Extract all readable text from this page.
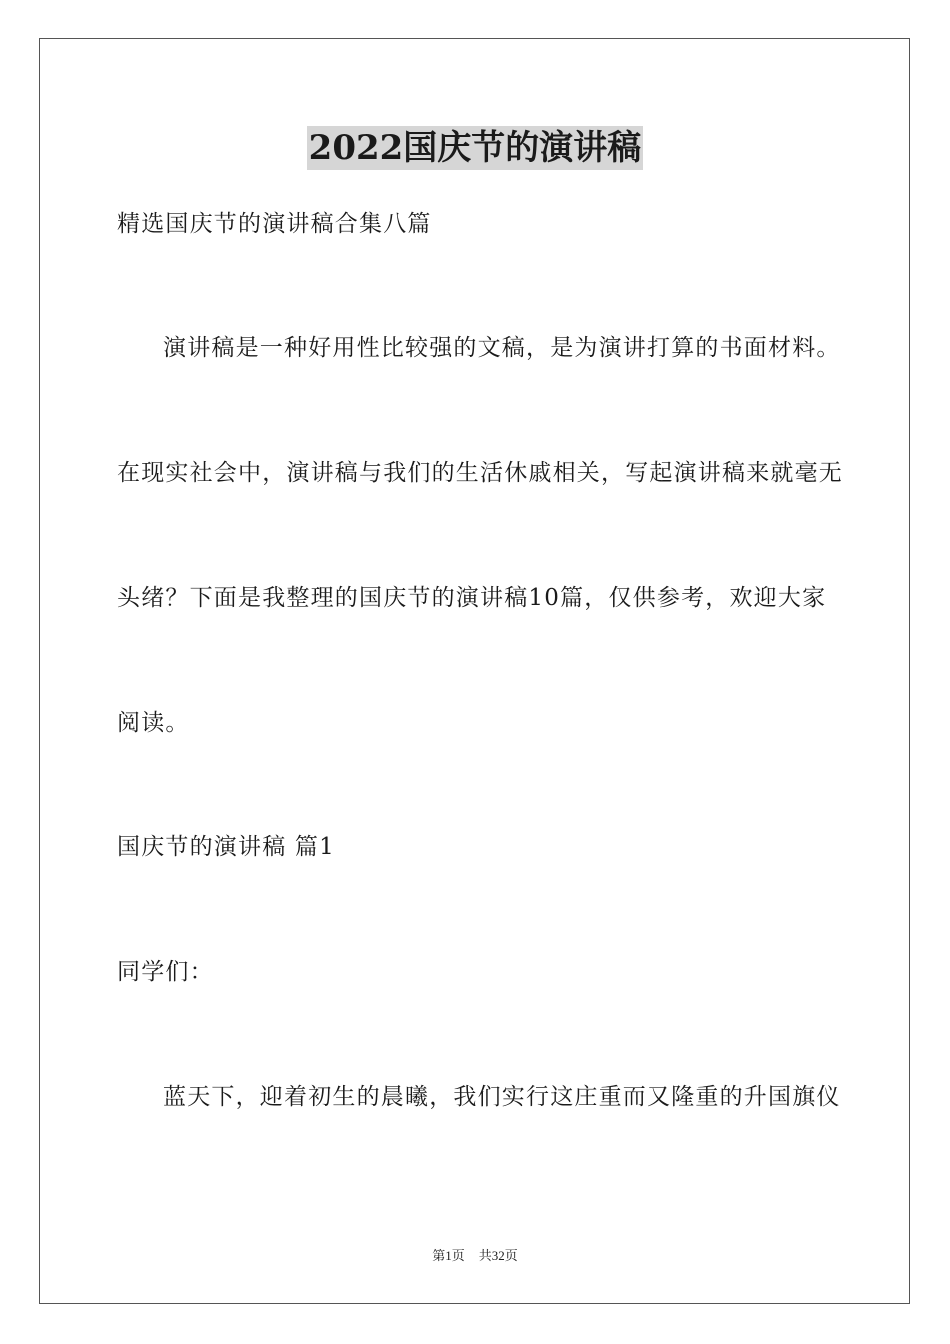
2022国庆节的演讲稿
精选国庆节的演讲稿合集八篇
演讲稿是一种好用性比较强的文稿，是为演讲打算的书面材料。
在现实社会中，演讲稿与我们的生活休戚相关，写起演讲稿来就毫无
头绪？下面是我整理的国庆节的演讲稿10篇，仅供参考，欢迎大家
阅读。
国庆节的演讲稿 篇1
同学们：
蓝天下，迎着初生的晨曦，我们实行这庄重而又隆重的升国旗仪
第1页 共32页
